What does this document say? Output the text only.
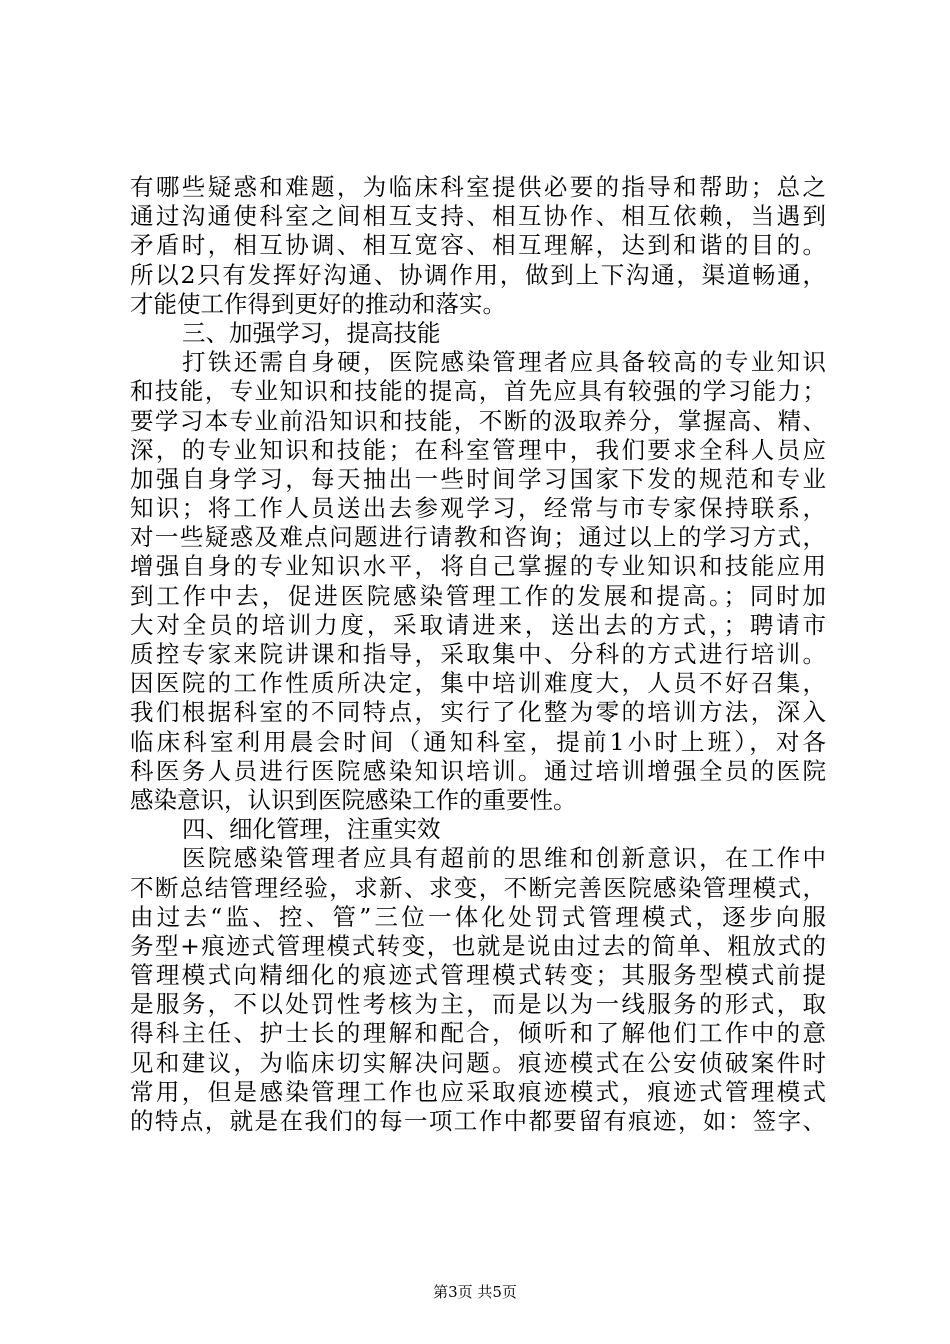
有哪些疑惑和难题，为临床科室提供必要的指导和帮助；总之
通过沟通使科室之间相互支持、相互协作、相互依赖，当遇到
矛盾时，相互协调、相互宽容、相互理解，达到和谐的目的。
所以2只有发挥好沟通、协调作用，做到上下沟通，渠道畅通，
才能使工作得到更好的推动和落实。
三、加强学习，提高技能
打铁还需自身硬，医院感染管理者应具备较高的专业知识
和技能，专业知识和技能的提高，首先应具有较强的学习能力；
要学习本专业前沿知识和技能，不断的汲取养分，掌握高、精、
深，的专业知识和技能；在科室管理中，我们要求全科人员应
加强自身学习，每天抽出一些时间学习国家下发的规范和专业
知识；将工作人员送出去参观学习，经常与市专家保持联系，
对一些疑惑及难点问题进行请教和咨询；通过以上的学习方式，
增强自身的专业知识水平，将自己掌握的专业知识和技能应用
到工作中去，促进医院感染管理工作的发展和提高。；同时加
大对全员的培训力度，采取请进来，送出去的方式，；聘请市
质控专家来院讲课和指导，采取集中、分科的方式进行培训。
因医院的工作性质所决定，集中培训难度大，人员不好召集，
我们根据科室的不同特点，实行了化整为零的培训方法，深入
临床科室利用晨会时间（通知科室，提前1小时上班），对各
科医务人员进行医院感染知识培训。通过培训增强全员的医院
感染意识，认识到医院感染工作的重要性。
四、细化管理，注重实效
医院感染管理者应具有超前的思维和创新意识，在工作中
不断总结管理经验，求新、求变，不断完善医院感染管理模式，
由过去“监、控、管”三位一体化处罚式管理模式，逐步向服
务型+痕迹式管理模式转变，也就是说由过去的简单、粗放式的
管理模式向精细化的痕迹式管理模式转变；其服务型模式前提
是服务，不以处罚性考核为主，而是以为一线服务的形式，取
得科主任、护士长的理解和配合，倾听和了解他们工作中的意
见和建议，为临床切实解决问题。痕迹模式在公安侦破案件时
常用，但是感染管理工作也应采取痕迹模式，痕迹式管理模式
的特点，就是在我们的每一项工作中都要留有痕迹，如：签字、
第3页 共5页
